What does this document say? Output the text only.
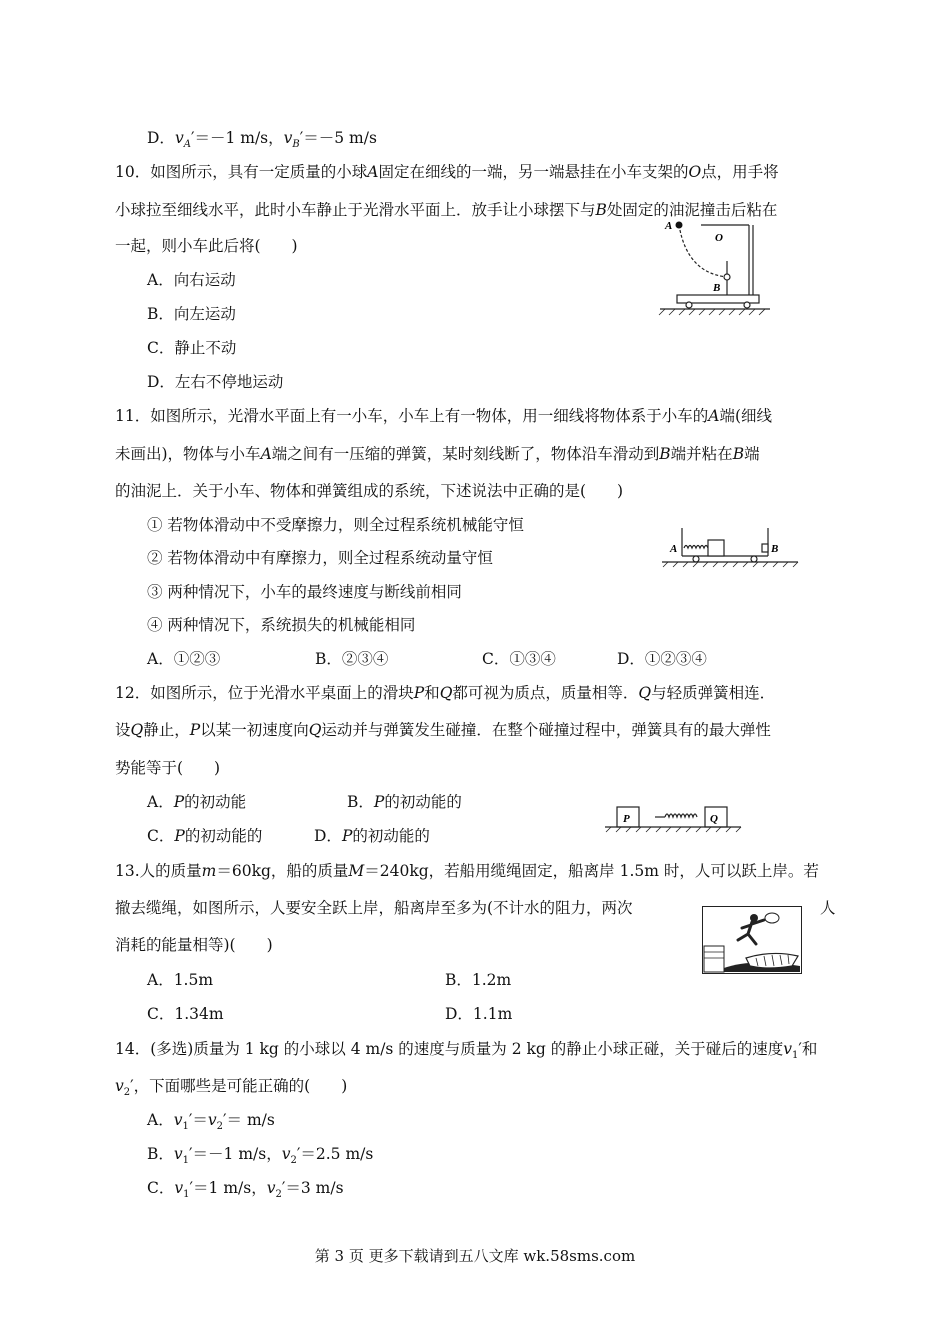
D．$v_A'=-1$ m/s，$v_B'=-5$ m/s
10．如图所示，具有一定质量的小球A固定在细线的一端，另一端悬挂在小车支架的O点，用手将
小球拉至细线水平，此时小车静止于光滑水平面上．放手让小球摆下与B处固定的油泥撞击后粘在
一起，则小车此后将(　　)
A．向右运动
B．向左运动
C．静止不动
D．左右不停地运动
A
O
B
11．如图所示，光滑水平面上有一小车，小车上有一物体，用一细线将物体系于小车的A端(细线
未画出)，物体与小车A端之间有一压缩的弹簧，某时刻线断了，物体沿车滑动到B端并粘在B端
的油泥上．关于小车、物体和弹簧组成的系统，下述说法中正确的是(　　)
① 若物体滑动中不受摩擦力，则全过程系统机械能守恒
② 若物体滑动中有摩擦力，则全过程系统动量守恒
③ 两种情况下，小车的最终速度与断线前相同
④ 两种情况下，系统损失的机械能相同
A．①②③	B．②③④	C．①③④	D．①②③④
A	B
12．如图所示，位于光滑水平桌面上的滑块P和Q都可视为质点，质量相等．Q与轻质弹簧相连．
设Q静止，P以某一初速度向Q运动并与弹簧发生碰撞．在整个碰撞过程中，弹簧具有的最大弹性
势能等于(　　)
A．P的初动能	B．P的初动能的
C．P的初动能的	D．P的初动能的
P	Q
13.人的质量m＝60kg，船的质量M＝240kg，若船用缆绳固定，船离岸 1.5m 时，人可以跃上岸。若
撤去缆绳，如图所示，人要安全跃上岸，船离岸至多为(不计水的阻力，两次	人
消耗的能量相等)(　　)
A．1.5m	B．1.2m
C．1.34m	D．1.1m
14．(多选)质量为 1 kg 的小球以 4 m/s 的速度与质量为 2 kg 的静止小球正碰，关于碰后的速度$v_1'$和
$v_2'$，下面哪些是可能正确的(　　)
A．$v_1'=v_2'= m/s$
B．$v_1'=-1$ m/s，$v_2'=2.5$ m/s
C．$v_1'=1$ m/s，$v_2'=3$ m/s
第 3 页 更多下载请到五八文库 wk.58sms.com
